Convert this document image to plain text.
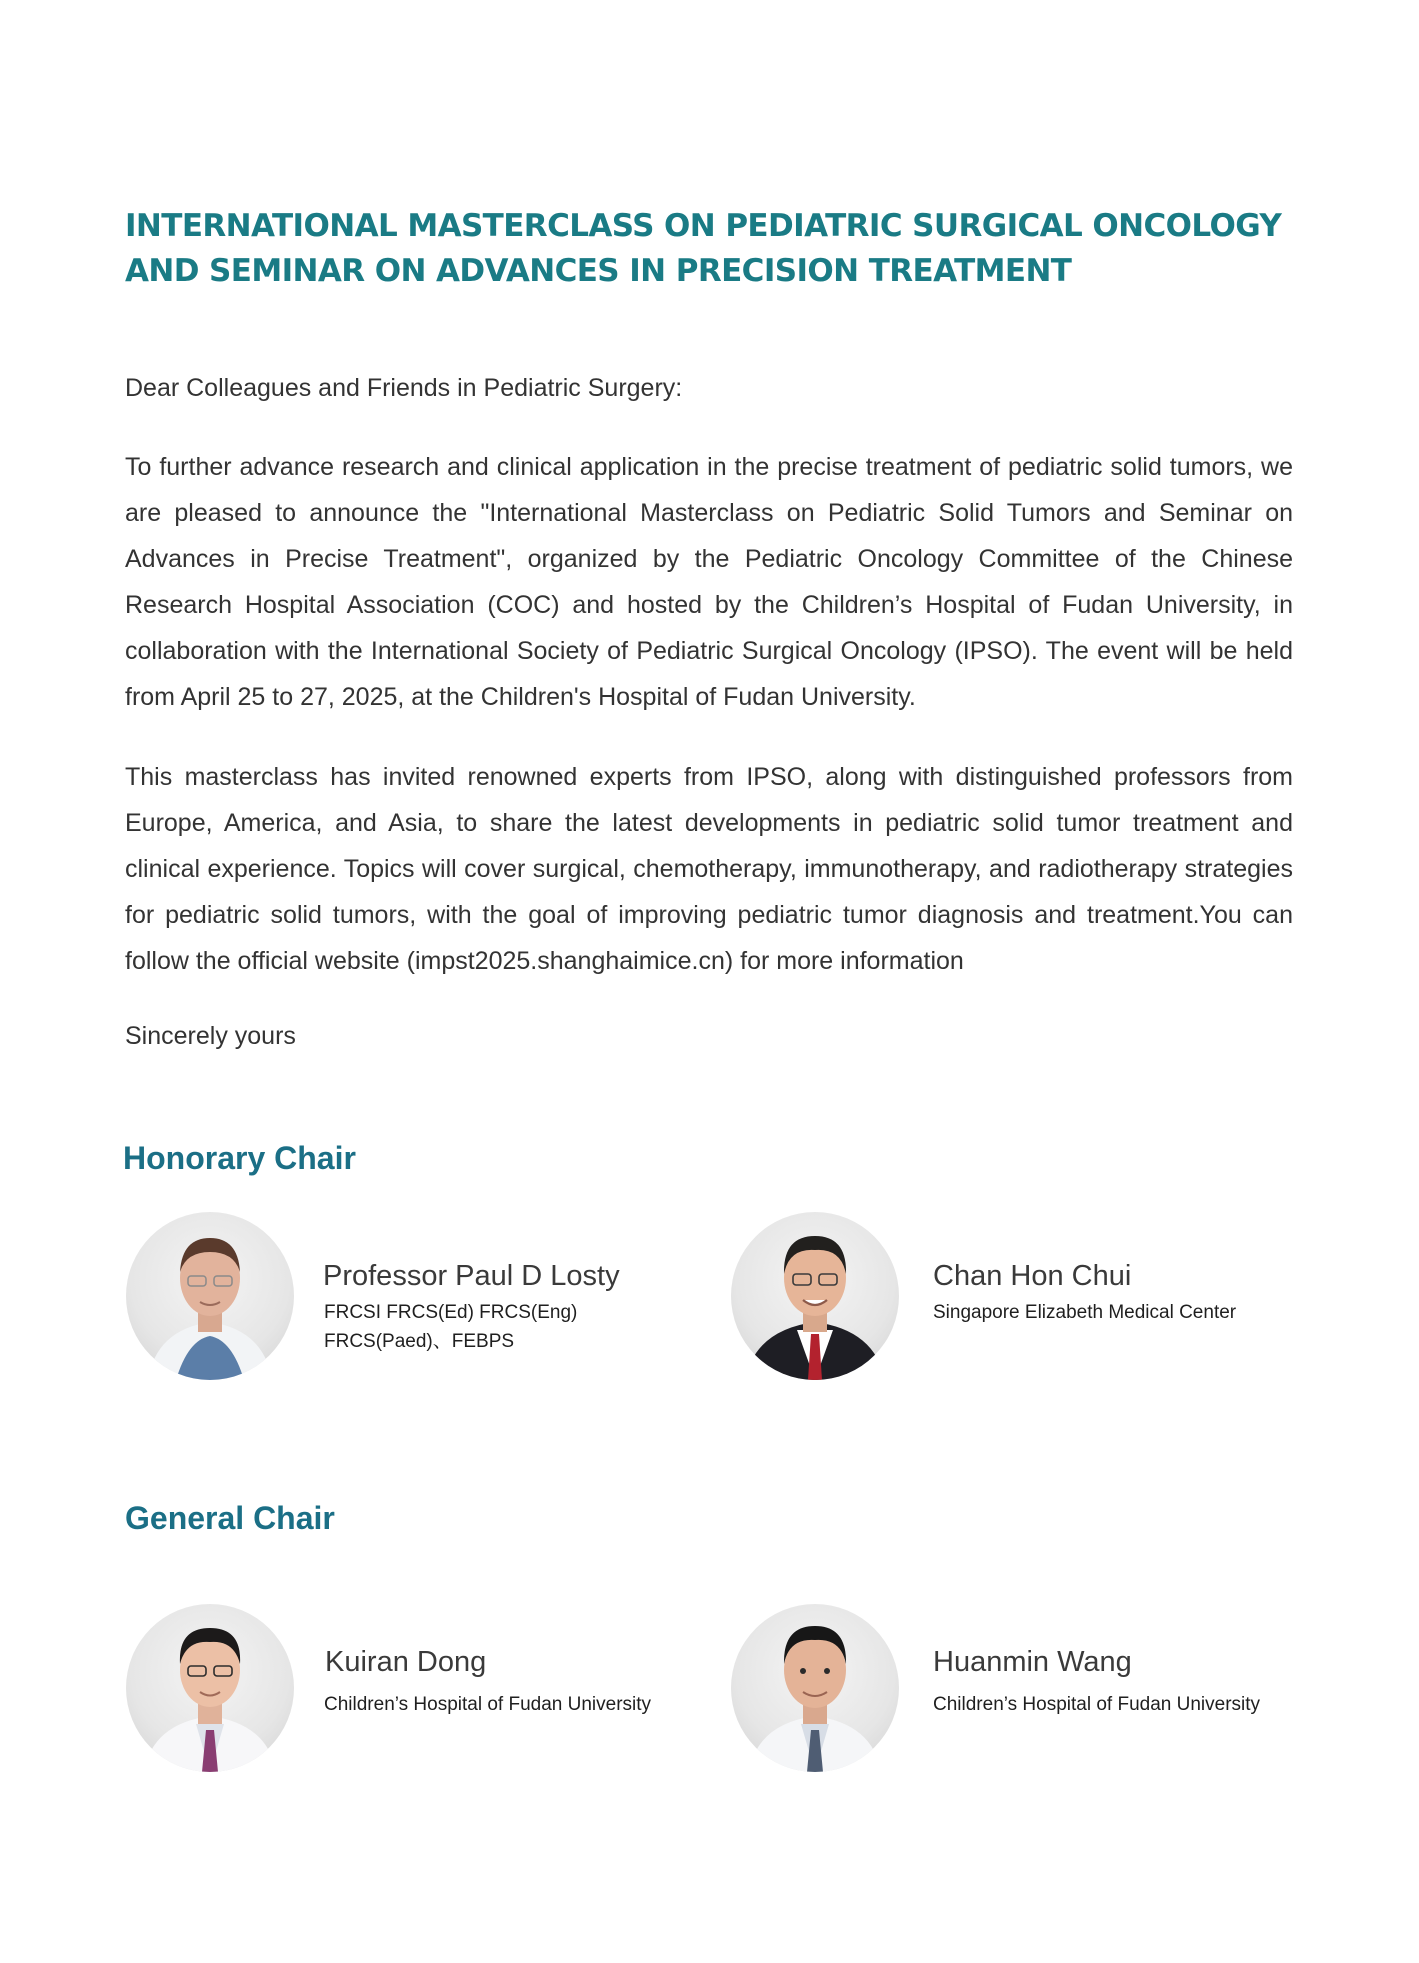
INTERNATIONAL MASTERCLASS ON PEDIATRIC SURGICAL ONCOLOGY
AND SEMINAR ON ADVANCES IN PRECISION TREATMENT

Dear Colleagues and Friends in Pediatric Surgery:

To further advance research and clinical application in the precise treatment of pediatric solid tumors, we are pleased to announce the "International Masterclass on Pediatric Solid Tumors and Seminar on Advances in Precise Treatment", organized by the Pediatric Oncology Committee of the Chinese Research Hospital Association (COC) and hosted by the Children’s Hospital of Fudan University, in collaboration with the International Society of Pediatric Surgical Oncology (IPSO). The event will be held from April 25 to 27, 2025, at the Children's Hospital of Fudan University.

This masterclass has invited renowned experts from IPSO, along with distinguished professors from Europe, America, and Asia, to share the latest developments in pediatric solid tumor treatment and clinical experience. Topics will cover surgical, chemotherapy, immunotherapy, and radiotherapy strategies for pediatric solid tumors, with the goal of improving pediatric tumor diagnosis and treatment.You can follow the official website (impst2025.shanghaimice.cn) for more information

Sincerely yours

Honorary Chair

Professor Paul D Losty

FRCSI FRCS(Ed) FRCS(Eng)
FRCS(Paed)、FEBPS

Chan Hon Chui

Singapore Elizabeth Medical Center

General Chair

Kuiran Dong

Children’s Hospital of Fudan University

Huanmin Wang

Children’s Hospital of Fudan University
